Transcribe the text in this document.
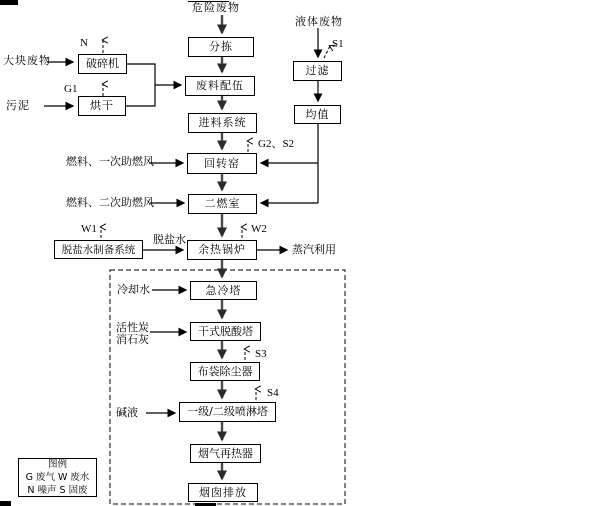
危险废物
液体废物
大块废物
污泥
燃料、一次助燃风
燃料、二次助燃风
脱盐水
蒸汽利用
冷却水
活性炭
消石灰
碱液
N
G1
S1
G2、S2
W1	W2
S3
S4
分拣
废料配伍
进料系统
回转窑
二燃室
余热锅炉
急冷塔
干式脱酸塔
布袋除尘器
一级/二级喷淋塔
烟气再热器
烟囱排放
破碎机
烘干
脱盐水制备系统
过滤
均值
图例
G 废气 W 废水
N 噪声 S 固废
